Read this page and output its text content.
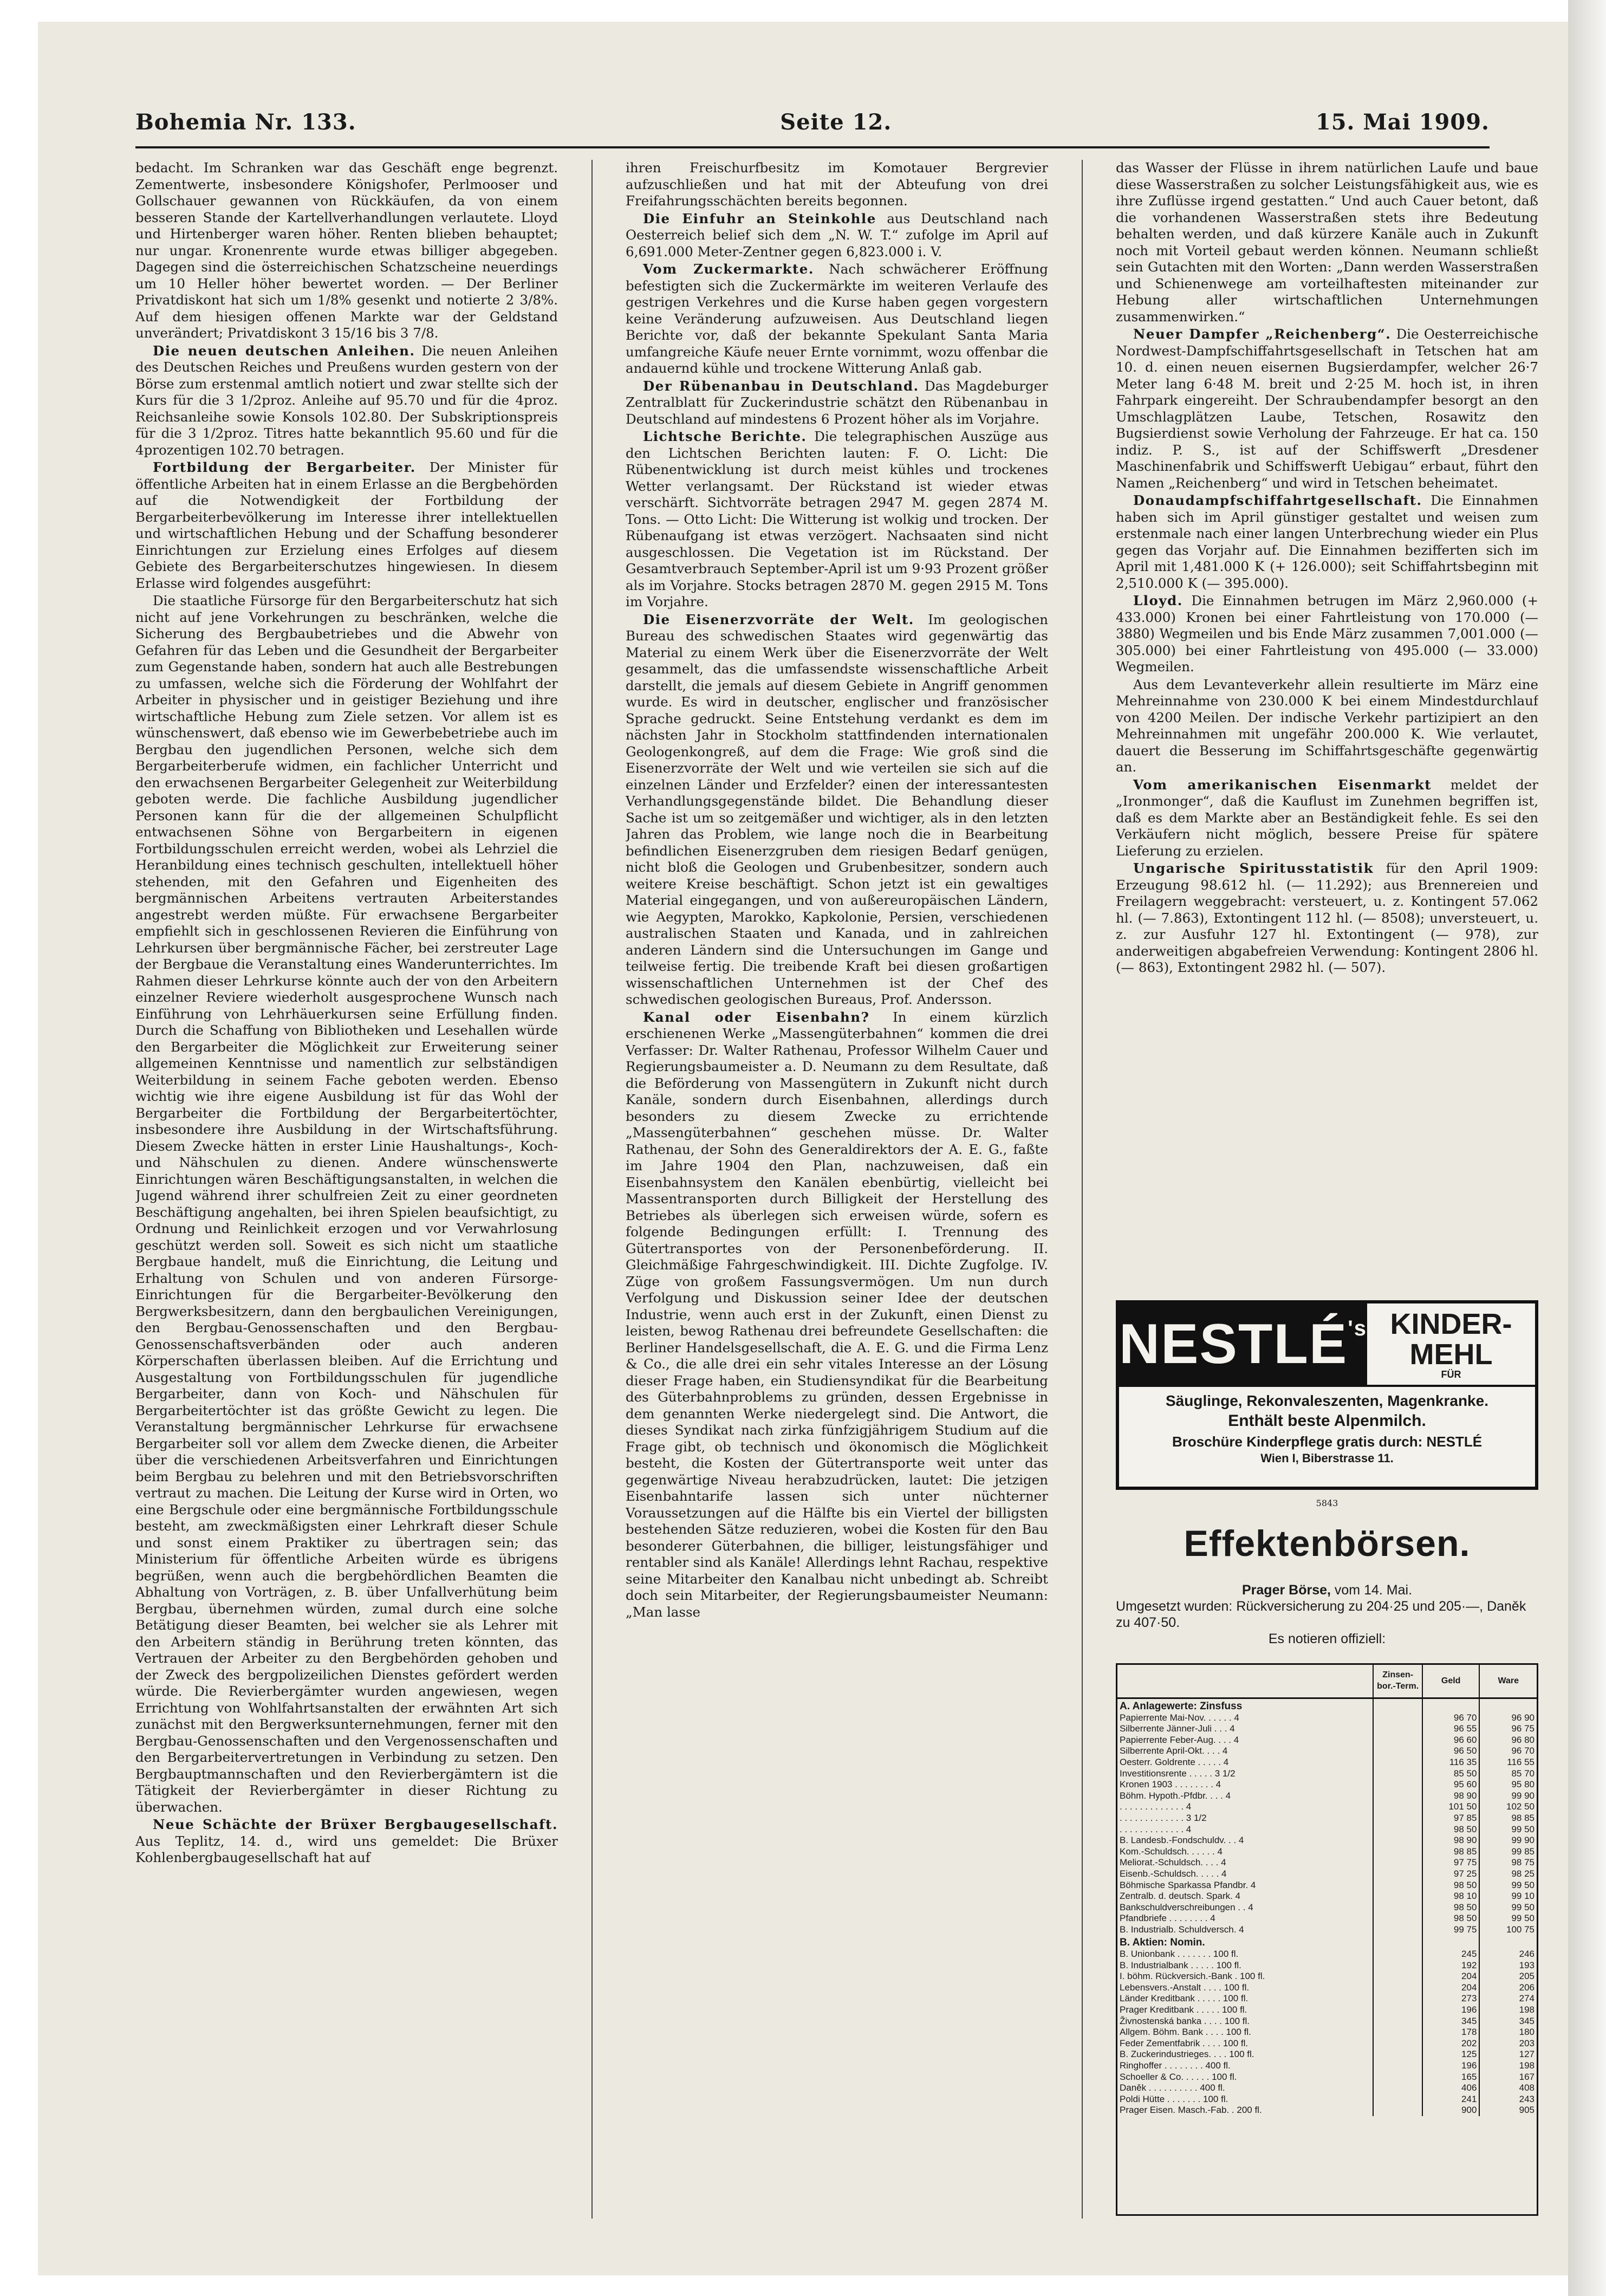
Bohemia Nr. 133.	Seite 12.	15. Mai 1909.

bedacht. Im Schranken war das Geschäft enge begrenzt. Zementwerte, insbesondere Königshofer, Perlmooser und Gollschauer gewannen von Rückkäufen, da von einem besseren Stande der Kartellverhandlungen verlautete. Lloyd und Hirtenberger waren höher. Renten blieben behauptet; nur ungar. Kronenrente wurde etwas billiger abgegeben. Dagegen sind die österreichischen Schatzscheine neuerdings um 10 Heller höher bewertet worden. — Der Berliner Privatdiskont hat sich um 1/8% gesenkt und notierte 2 3/8%. Auf dem hiesigen offenen Markte war der Geldstand unverändert; Privatdiskont 3 15/16 bis 3 7/8.

Die neuen deutschen Anleihen. Die neuen Anleihen des Deutschen Reiches und Preußens wurden gestern von der Börse zum erstenmal amtlich notiert und zwar stellte sich der Kurs für die 3 1/2proz. Anleihe auf 95.70 und für die 4proz. Reichsanleihe sowie Konsols 102.80. Der Subskriptionspreis für die 3 1/2proz. Titres hatte bekanntlich 95.60 und für die 4prozentigen 102.70 betragen.

Fortbildung der Bergarbeiter. Der Minister für öffentliche Arbeiten hat in einem Erlasse an die Bergbehörden auf die Notwendigkeit der Fortbildung der Bergarbeiterbevölkerung im Interesse ihrer intellektuellen und wirtschaftlichen Hebung und der Schaffung besonderer Einrichtungen zur Erzielung eines Erfolges auf diesem Gebiete des Bergarbeiterschutzes hingewiesen. In diesem Erlasse wird folgendes ausgeführt:

Die staatliche Fürsorge für den Bergarbeiterschutz hat sich nicht auf jene Vorkehrungen zu beschränken, welche die Sicherung des Bergbaubetriebes und die Abwehr von Gefahren für das Leben und die Gesundheit der Bergarbeiter zum Gegenstande haben, sondern hat auch alle Bestrebungen zu umfassen, welche sich die Förderung der Wohlfahrt der Arbeiter in physischer und in geistiger Beziehung und ihre wirtschaftliche Hebung zum Ziele setzen. Vor allem ist es wünschenswert, daß ebenso wie im Gewerbebetriebe auch im Bergbau den jugendlichen Personen, welche sich dem Bergarbeiterberufe widmen, ein fachlicher Unterricht und den erwachsenen Bergarbeiter Gelegenheit zur Weiterbildung geboten werde. Die fachliche Ausbildung jugendlicher Personen kann für die der allgemeinen Schulpflicht entwachsenen Söhne von Bergarbeitern in eigenen Fortbildungsschulen erreicht werden, wobei als Lehrziel die Heranbildung eines technisch geschulten, intellektuell höher stehenden, mit den Gefahren und Eigenheiten des bergmännischen Arbeitens vertrauten Arbeiterstandes angestrebt werden müßte. Für erwachsene Bergarbeiter empfiehlt sich in geschlossenen Revieren die Einführung von Lehrkursen über bergmännische Fächer, bei zerstreuter Lage der Bergbaue die Veranstaltung eines Wanderunterrichtes. Im Rahmen dieser Lehrkurse könnte auch der von den Arbeitern einzelner Reviere wiederholt ausgesprochene Wunsch nach Einführung von Lehrhäuerkursen seine Erfüllung finden. Durch die Schaffung von Bibliotheken und Lesehallen würde den Bergarbeiter die Möglichkeit zur Erweiterung seiner allgemeinen Kenntnisse und namentlich zur selbständigen Weiterbildung in seinem Fache geboten werden. Ebenso wichtig wie ihre eigene Ausbildung ist für das Wohl der Bergarbeiter die Fortbildung der Bergarbeitertöchter, insbesondere ihre Ausbildung in der Wirtschaftsführung. Diesem Zwecke hätten in erster Linie Haushaltungs-, Koch- und Nähschulen zu dienen. Andere wünschenswerte Einrichtungen wären Beschäftigungsanstalten, in welchen die Jugend während ihrer schulfreien Zeit zu einer geordneten Beschäftigung angehalten, bei ihren Spielen beaufsichtigt, zu Ordnung und Reinlichkeit erzogen und vor Verwahrlosung geschützt werden soll. Soweit es sich nicht um staatliche Bergbaue handelt, muß die Einrichtung, die Leitung und Erhaltung von Schulen und von anderen Fürsorge-Einrichtungen für die Bergarbeiter-Bevölkerung den Bergwerksbesitzern, dann den bergbaulichen Vereinigungen, den Bergbau-Genossenschaften und den Bergbau-Genossenschaftsverbänden oder auch anderen Körperschaften überlassen bleiben. Auf die Errichtung und Ausgestaltung von Fortbildungsschulen für jugendliche Bergarbeiter, dann von Koch- und Nähschulen für Bergarbeitertöchter ist das größte Gewicht zu legen. Die Veranstaltung bergmännischer Lehrkurse für erwachsene Bergarbeiter soll vor allem dem Zwecke dienen, die Arbeiter über die verschiedenen Arbeitsverfahren und Einrichtungen beim Bergbau zu belehren und mit den Betriebsvorschriften vertraut zu machen. Die Leitung der Kurse wird in Orten, wo eine Bergschule oder eine bergmännische Fortbildungsschule besteht, am zweckmäßigsten einer Lehrkraft dieser Schule und sonst einem Praktiker zu übertragen sein; das Ministerium für öffentliche Arbeiten würde es übrigens begrüßen, wenn auch die bergbehördlichen Beamten die Abhaltung von Vorträgen, z. B. über Unfallverhütung beim Bergbau, übernehmen würden, zumal durch eine solche Betätigung dieser Beamten, bei welcher sie als Lehrer mit den Arbeitern ständig in Berührung treten könnten, das Vertrauen der Arbeiter zu den Bergbehörden gehoben und der Zweck des bergpolizeilichen Dienstes gefördert werden würde. Die Revierbergämter wurden angewiesen, wegen Errichtung von Wohlfahrtsanstalten der erwähnten Art sich zunächst mit den Bergwerksunternehmungen, ferner mit den Bergbau-Genossenschaften und den Vergenossenschaften und den Bergarbeitervertretungen in Verbindung zu setzen. Den Bergbauptmannschaften und den Revierbergämtern ist die Tätigkeit der Revierbergämter in dieser Richtung zu überwachen.

Neue Schächte der Brüxer Bergbaugesellschaft. Aus Teplitz, 14. d., wird uns gemeldet: Die Brüxer Kohlenbergbaugesellschaft hat auf

ihren Freischurfbesitz im Komotauer Bergrevier aufzuschließen und hat mit der Abteufung von drei Freifahrungsschächten bereits begonnen.

Die Einfuhr an Steinkohle aus Deutschland nach Oesterreich belief sich dem „N. W. T.“ zufolge im April auf 6,691.000 Meter-Zentner gegen 6,823.000 i. V.

Vom Zuckermarkte. Nach schwächerer Eröffnung befestigten sich die Zuckermärkte im weiteren Verlaufe des gestrigen Verkehres und die Kurse haben gegen vorgestern keine Veränderung aufzuweisen. Aus Deutschland liegen Berichte vor, daß der bekannte Spekulant Santa Maria umfangreiche Käufe neuer Ernte vornimmt, wozu offenbar die andauernd kühle und trockene Witterung Anlaß gab.

Der Rübenanbau in Deutschland. Das Magdeburger Zentralblatt für Zuckerindustrie schätzt den Rübenanbau in Deutschland auf mindestens 6 Prozent höher als im Vorjahre.

Lichtsche Berichte. Die telegraphischen Auszüge aus den Lichtschen Berichten lauten: F. O. Licht: Die Rübenentwicklung ist durch meist kühles und trockenes Wetter verlangsamt. Der Rückstand ist wieder etwas verschärft. Sichtvorräte betragen 2947 M. gegen 2874 M. Tons. — Otto Licht: Die Witterung ist wolkig und trocken. Der Rübenaufgang ist etwas verzögert. Nachsaaten sind nicht ausgeschlossen. Die Vegetation ist im Rückstand. Der Gesamtverbrauch September-April ist um 9·93 Prozent größer als im Vorjahre. Stocks betragen 2870 M. gegen 2915 M. Tons im Vorjahre.

Die Eisenerzvorräte der Welt. Im geologischen Bureau des schwedischen Staates wird gegenwärtig das Material zu einem Werk über die Eisenerzvorräte der Welt gesammelt, das die umfassendste wissenschaftliche Arbeit darstellt, die jemals auf diesem Gebiete in Angriff genommen wurde. Es wird in deutscher, englischer und französischer Sprache gedruckt. Seine Entstehung verdankt es dem im nächsten Jahr in Stockholm stattfindenden internationalen Geologenkongreß, auf dem die Frage: Wie groß sind die Eisenerzvorräte der Welt und wie verteilen sie sich auf die einzelnen Länder und Erzfelder? einen der interessantesten Verhandlungsgegenstände bildet. Die Behandlung dieser Sache ist um so zeitgemäßer und wichtiger, als in den letzten Jahren das Problem, wie lange noch die in Bearbeitung befindlichen Eisenerzgruben dem riesigen Bedarf genügen, nicht bloß die Geologen und Grubenbesitzer, sondern auch weitere Kreise beschäftigt. Schon jetzt ist ein gewaltiges Material eingegangen, und von außereuropäischen Ländern, wie Aegypten, Marokko, Kapkolonie, Persien, verschiedenen australischen Staaten und Kanada, und in zahlreichen anderen Ländern sind die Untersuchungen im Gange und teilweise fertig. Die treibende Kraft bei diesen großartigen wissenschaftlichen Unternehmen ist der Chef des schwedischen geologischen Bureaus, Prof. Andersson.

Kanal oder Eisenbahn? In einem kürzlich erschienenen Werke „Massengüterbahnen“ kommen die drei Verfasser: Dr. Walter Rathenau, Professor Wilhelm Cauer und Regierungsbaumeister a. D. Neumann zu dem Resultate, daß die Beförderung von Massengütern in Zukunft nicht durch Kanäle, sondern durch Eisenbahnen, allerdings durch besonders zu diesem Zwecke zu errichtende „Massengüterbahnen“ geschehen müsse. Dr. Walter Rathenau, der Sohn des Generaldirektors der A. E. G., faßte im Jahre 1904 den Plan, nachzuweisen, daß ein Eisenbahnsystem den Kanälen ebenbürtig, vielleicht bei Massentransporten durch Billigkeit der Herstellung des Betriebes als überlegen sich erweisen würde, sofern es folgende Bedingungen erfüllt: I. Trennung des Gütertransportes von der Personenbeförderung. II. Gleichmäßige Fahrgeschwindigkeit. III. Dichte Zugfolge. IV. Züge von großem Fassungsvermögen. Um nun durch Verfolgung und Diskussion seiner Idee der deutschen Industrie, wenn auch erst in der Zukunft, einen Dienst zu leisten, bewog Rathenau drei befreundete Gesellschaften: die Berliner Handelsgesellschaft, die A. E. G. und die Firma Lenz & Co., die alle drei ein sehr vitales Interesse an der Lösung dieser Frage haben, ein Studiensyndikat für die Bearbeitung des Güterbahnproblems zu gründen, dessen Ergebnisse in dem genannten Werke niedergelegt sind. Die Antwort, die dieses Syndikat nach zirka fünfzigjährigem Studium auf die Frage gibt, ob technisch und ökonomisch die Möglichkeit besteht, die Kosten der Gütertransporte weit unter das gegenwärtige Niveau herabzudrücken, lautet: Die jetzigen Eisenbahntarife lassen sich unter nüchterner Voraussetzungen auf die Hälfte bis ein Viertel der billigsten bestehenden Sätze reduzieren, wobei die Kosten für den Bau besonderer Güterbahnen, die billiger, leistungsfähiger und rentabler sind als Kanäle! Allerdings lehnt Rachau, respektive seine Mitarbeiter den Kanalbau nicht unbedingt ab. Schreibt doch sein Mitarbeiter, der Regierungsbaumeister Neumann: „Man lasse

das Wasser der Flüsse in ihrem natürlichen Laufe und baue diese Wasserstraßen zu solcher Leistungsfähigkeit aus, wie es ihre Zuflüsse irgend gestatten.“ Und auch Cauer betont, daß die vorhandenen Wasserstraßen stets ihre Bedeutung behalten werden, und daß kürzere Kanäle auch in Zukunft noch mit Vorteil gebaut werden können. Neumann schließt sein Gutachten mit den Worten: „Dann werden Wasserstraßen und Schienenwege am vorteilhaftesten miteinander zur Hebung aller wirtschaftlichen Unternehmungen zusammenwirken.“

Neuer Dampfer „Reichenberg“. Die Oesterreichische Nordwest-Dampfschiffahrtsgesellschaft in Tetschen hat am 10. d. einen neuen eisernen Bugsierdampfer, welcher 26·7 Meter lang 6·48 M. breit und 2·25 M. hoch ist, in ihren Fahrpark eingereiht. Der Schraubendampfer besorgt an den Umschlagplätzen Laube, Tetschen, Rosawitz den Bugsierdienst sowie Verholung der Fahrzeuge. Er hat ca. 150 indiz. P. S., ist auf der Schiffswerft „Dresdener Maschinenfabrik und Schiffswerft Uebigau“ erbaut, führt den Namen „Reichenberg“ und wird in Tetschen beheimatet.

Donaudampfschiffahrtgesellschaft. Die Einnahmen haben sich im April günstiger gestaltet und weisen zum erstenmale nach einer langen Unterbrechung wieder ein Plus gegen das Vorjahr auf. Die Einnahmen bezifferten sich im April mit 1,481.000 K (+ 126.000); seit Schiffahrtsbeginn mit 2,510.000 K (— 395.000).

Lloyd. Die Einnahmen betrugen im März 2,960.000 (+ 433.000) Kronen bei einer Fahrtleistung von 170.000 (— 3880) Wegmeilen und bis Ende März zusammen 7,001.000 (— 305.000) bei einer Fahrtleistung von 495.000 (— 33.000) Wegmeilen.

Aus dem Levanteverkehr allein resultierte im März eine Mehreinnahme von 230.000 K bei einem Mindestdurchlauf von 4200 Meilen. Der indische Verkehr partizipiert an den Mehreinnahmen mit ungefähr 200.000 K. Wie verlautet, dauert die Besserung im Schiffahrtsgeschäfte gegenwärtig an.

Vom amerikanischen Eisenmarkt meldet der „Ironmonger“, daß die Kauflust im Zunehmen begriffen ist, daß es dem Markte aber an Beständigkeit fehle. Es sei den Verkäufern nicht möglich, bessere Preise für spätere Lieferung zu erzielen.

Ungarische Spiritusstatistik für den April 1909: Erzeugung 98.612 hl. (— 11.292); aus Brennereien und Freilagern weggebracht: versteuert, u. z. Kontingent 57.062 hl. (— 7.863), Extontingent 112 hl. (— 8508); unversteuert, u. z. zur Ausfuhr 127 hl. Extontingent (— 978), zur anderweitigen abgabefreien Verwendung: Kontingent 2806 hl. (— 863), Extontingent 2982 hl. (— 507).

NESTLÉ 's KINDER-
MEHL
FÜR
Säuglinge, Rekonvaleszenten, Magenkranke.
Enthält beste Alpenmilch.
Broschüre Kinderpflege gratis durch: NESTLÉ
Wien I, Biberstrasse 11.
5843
Effektenbörsen.
Prager Börse, vom 14. Mai.
Umgesetzt wurden: Rückversicherung zu 204·25 und 205·—, Daněk zu 407·50.
Es notieren offiziell:
	Zinsen-bor.-Term.	Geld	Ware
A. Anlagewerte: Zinsfuss			
Papierrente Mai-Nov. . . . . . 4		96 70	96 90
Silberrente Jänner-Juli . . . 4		96 55	96 75
Papierrente Feber-Aug. . . . 4		96 60	96 80
Silberrente April-Okt. . . . 4		96 50	96 70
Oesterr. Goldrente . . . . . 4		116 35	116 55
Investitionsrente . . . . . 3 1/2		85 50	85 70
Kronen 1903 . . . . . . . . 4		95 60	95 80
Böhm. Hypoth.-Pfdbr. . . . 4		98 90	99 90
. . . . . . . . . . . . . 4		101 50	102 50
. . . . . . . . . . . . . 3 1/2		97 85	98 85
. . . . . . . . . . . . . 4		98 50	99 50
B. Landesb.-Fondschuldv. . . 4		98 90	99 90
Kom.-Schuldsch. . . . . . 4		98 85	99 85
Meliorat.-Schuldsch. . . . 4		97 75	98 75
Eisenb.-Schuldsch. . . . . 4		97 25	98 25
Böhmische Sparkassa Pfandbr. 4		98 50	99 50
Zentralb. d. deutsch. Spark. 4		98 10	99 10
Bankschuldverschreibungen . . 4		98 50	99 50
Pfandbriefe . . . . . . . . 4		98 50	99 50
B. Industrialb. Schuldversch. 4		99 75	100 75
B. Aktien: Nomin.			
B. Unionbank . . . . . . . 100 fl.		245	246
B. Industrialbank . . . . . 100 fl.		192	193
I. böhm. Rückversich.-Bank . 100 fl.		204	205
Lebensvers.-Anstalt . . . . 100 fl.		204	206
Länder Kreditbank . . . . . 100 fl.		273	274
Prager Kreditbank . . . . . 100 fl.		196	198
Živnostenská banka . . . . 100 fl.		345	345
Allgem. Böhm. Bank . . . . 100 fl.		178	180
Feder Zementfabrik . . . . 100 fl.		202	203
B. Zuckerindustrieges. . . . 100 fl.		125	127
Ringhoffer . . . . . . . . 400 fl.		196	198
Schoeller & Co. . . . . . 100 fl.		165	167
Daněk . . . . . . . . . . 400 fl.		406	408
Poldi Hütte . . . . . . . 100 fl.		241	243
Prager Eisen. Masch.-Fab. . 200 fl.		900	905
